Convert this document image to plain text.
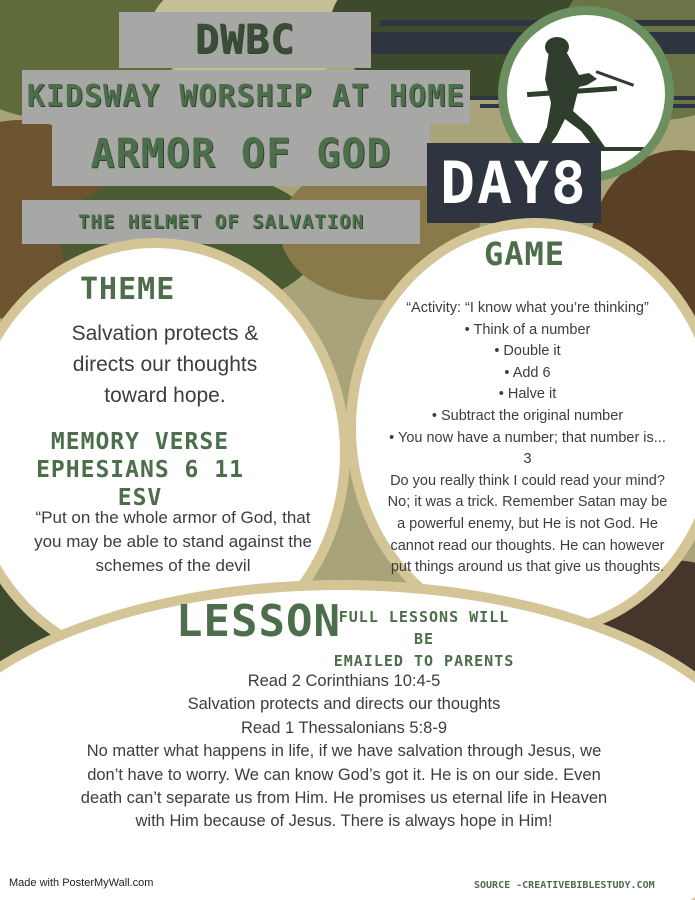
DWBC
KIDSWAY WORSHIP AT HOME
ARMOR OF GOD
THE HELMET OF SALVATION
DAY8
THEME
Salvation protects &
directs our thoughts
toward hope.
MEMORY VERSE
EPHESIANS 6 11 ESV
“Put on the whole armor of God, that
you may be able to stand against the
schemes of the devil
GAME
“Activity: “I know what you’re thinking”
• Think of a number
• Double it
• Add 6
• Halve it
• Subtract the original number
• You now have a number; that number is...
3
Do you really think I could read your mind?
No; it was a trick. Remember Satan may be
a powerful enemy, but He is not God. He
cannot read our thoughts. He can however
put things around us that give us thoughts.
LESSON
FULL LESSONS WILL BE
EMAILED TO PARENTS
Read 2 Corinthians 10:4-5
Salvation protects and directs our thoughts
Read 1 Thessalonians 5:8-9
No matter what happens in life, if we have salvation through Jesus, we
don’t have to worry. We can know God’s got it. He is on our side. Even
death can’t separate us from Him. He promises us eternal life in Heaven
with Him because of Jesus. There is always hope in Him!
Made with PosterMyWall.com	SOURCE -CREATIVEBIBLESTUDY.COM
